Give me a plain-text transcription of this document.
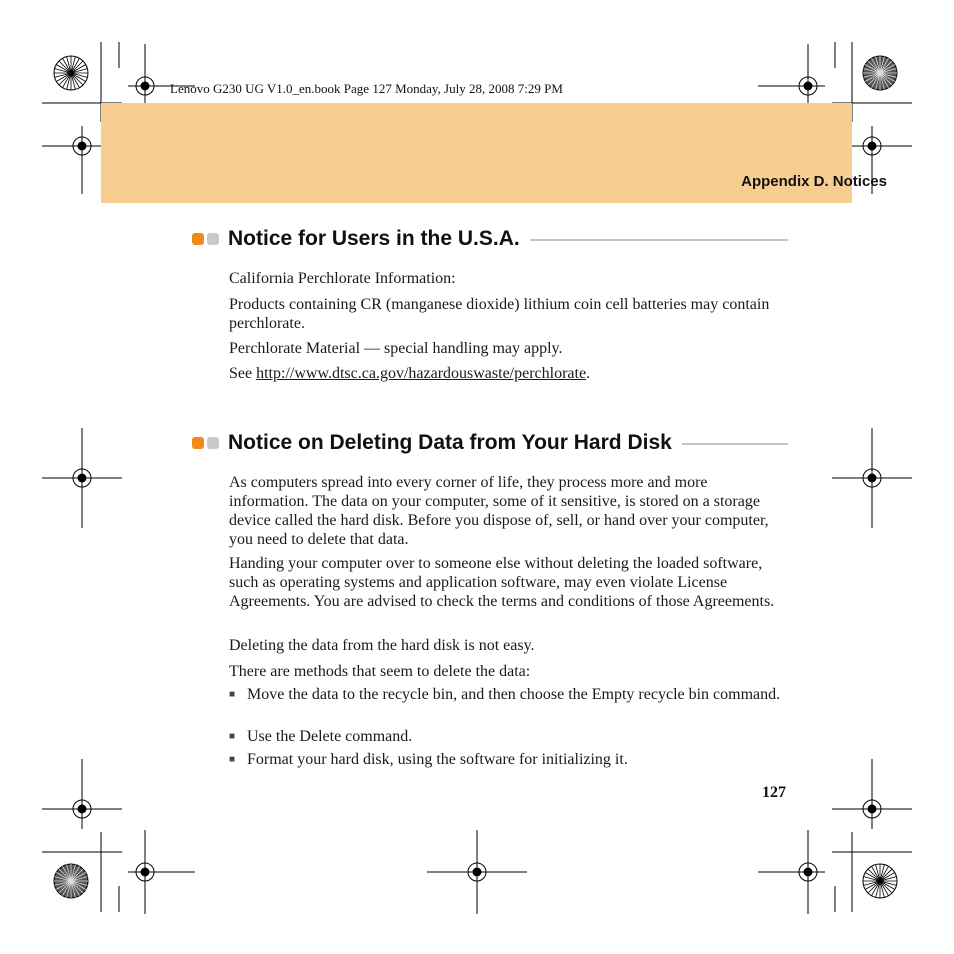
Lenovo G230 UG V1.0_en.book Page 127 Monday, July 28, 2008 7:29 PM
Appendix D. Notices
Notice for Users in the U.S.A.

California Perchlorate Information:

Products containing CR (manganese dioxide) lithium coin cell batteries may contain perchlorate.

Perchlorate Material — special handling may apply.

See http://www.dtsc.ca.gov/hazardouswaste/perchlorate.

Notice on Deleting Data from Your Hard Disk

As computers spread into every corner of life, they process more and more information. The data on your computer, some of it sensitive, is stored on a storage device called the hard disk. Before you dispose of, sell, or hand over your computer, you need to delete that data.

Handing your computer over to someone else without deleting the loaded software, such as operating systems and application software, may even violate License Agreements. You are advised to check the terms and conditions of those Agreements.

Deleting the data from the hard disk is not easy.

There are methods that seem to delete the data:

■ Move the data to the recycle bin, and then choose the Empty recycle bin command.
■ Use the Delete command.
■ Format your hard disk, using the software for initializing it.
127
